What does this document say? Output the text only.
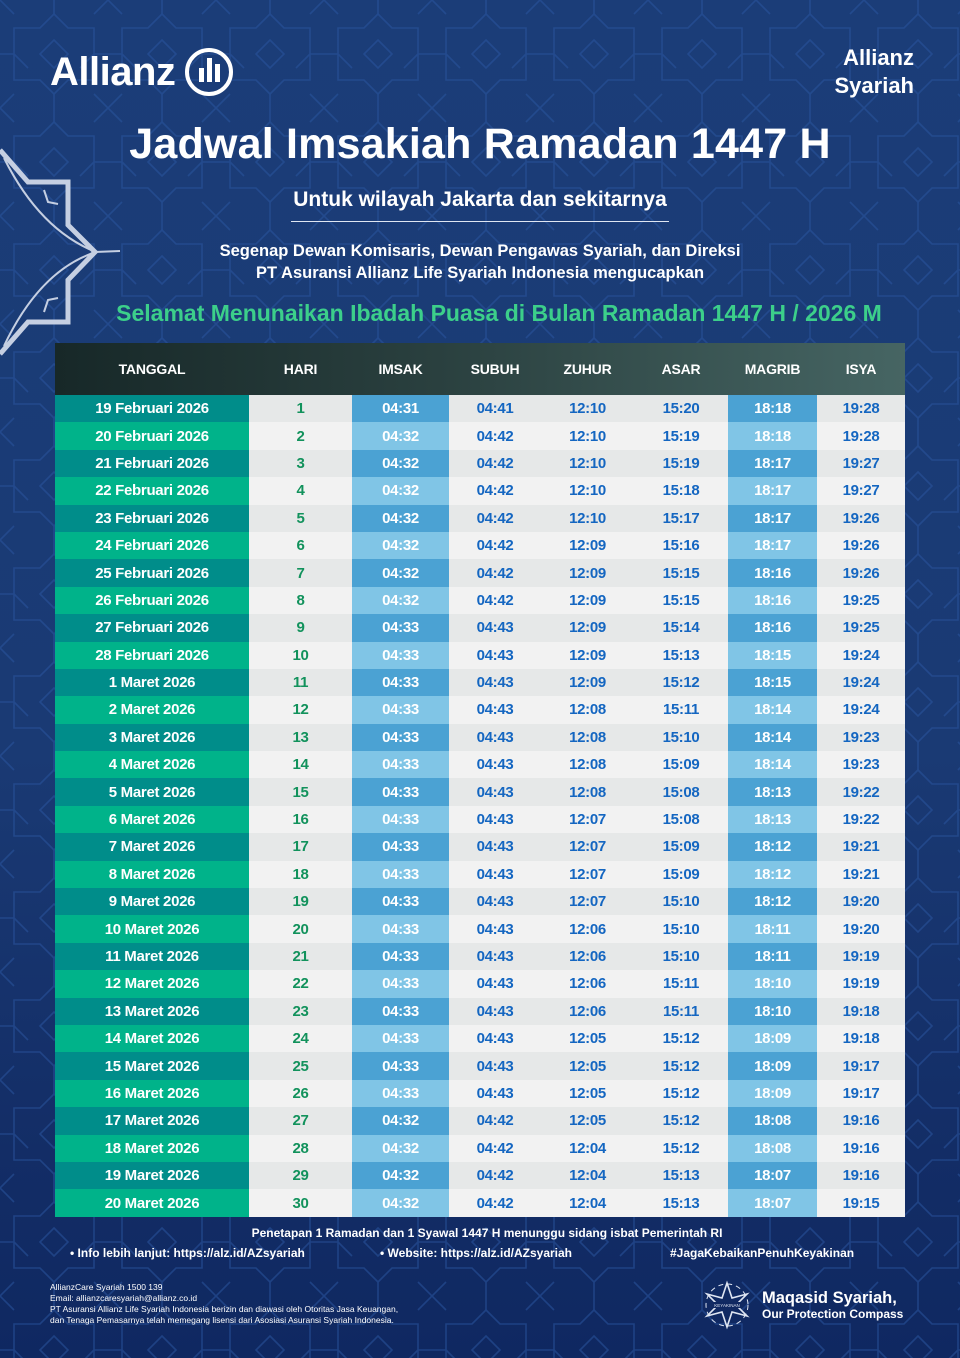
Allianz	Allianz
Syariah
Jadwal Imsakiah Ramadan 1447 H
Untuk wilayah Jakarta dan sekitarnya
Segenap Dewan Komisaris, Dewan Pengawas Syariah, dan Direksi
PT Asuransi Allianz Life Syariah Indonesia mengucapkan
Selamat Menunaikan Ibadah Puasa di Bulan Ramadan 1447 H / 2026 M
TANGGAL	HARI	IMSAK	SUBUH	ZUHUR	ASAR	MAGRIB	ISYA
19 Februari 2026	1	04:31	04:41	12:10	15:20	18:18	19:28
20 Februari 2026	2	04:32	04:42	12:10	15:19	18:18	19:28
21 Februari 2026	3	04:32	04:42	12:10	15:19	18:17	19:27
22 Februari 2026	4	04:32	04:42	12:10	15:18	18:17	19:27
23 Februari 2026	5	04:32	04:42	12:10	15:17	18:17	19:26
24 Februari 2026	6	04:32	04:42	12:09	15:16	18:17	19:26
25 Februari 2026	7	04:32	04:42	12:09	15:15	18:16	19:26
26 Februari 2026	8	04:32	04:42	12:09	15:15	18:16	19:25
27 Februari 2026	9	04:33	04:43	12:09	15:14	18:16	19:25
28 Februari 2026	10	04:33	04:43	12:09	15:13	18:15	19:24
1 Maret 2026	11	04:33	04:43	12:09	15:12	18:15	19:24
2 Maret 2026	12	04:33	04:43	12:08	15:11	18:14	19:24
3 Maret 2026	13	04:33	04:43	12:08	15:10	18:14	19:23
4 Maret 2026	14	04:33	04:43	12:08	15:09	18:14	19:23
5 Maret 2026	15	04:33	04:43	12:08	15:08	18:13	19:22
6 Maret 2026	16	04:33	04:43	12:07	15:08	18:13	19:22
7 Maret 2026	17	04:33	04:43	12:07	15:09	18:12	19:21
8 Maret 2026	18	04:33	04:43	12:07	15:09	18:12	19:21
9 Maret 2026	19	04:33	04:43	12:07	15:10	18:12	19:20
10 Maret 2026	20	04:33	04:43	12:06	15:10	18:11	19:20
11 Maret 2026	21	04:33	04:43	12:06	15:10	18:11	19:19
12 Maret 2026	22	04:33	04:43	12:06	15:11	18:10	19:19
13 Maret 2026	23	04:33	04:43	12:06	15:11	18:10	19:18
14 Maret 2026	24	04:33	04:43	12:05	15:12	18:09	19:18
15 Maret 2026	25	04:33	04:43	12:05	15:12	18:09	19:17
16 Maret 2026	26	04:33	04:43	12:05	15:12	18:09	19:17
17 Maret 2026	27	04:32	04:42	12:05	15:12	18:08	19:16
18 Maret 2026	28	04:32	04:42	12:04	15:12	18:08	19:16
19 Maret 2026	29	04:32	04:42	12:04	15:13	18:07	19:16
20 Maret 2026	30	04:32	04:42	12:04	15:13	18:07	19:15
Penetapan 1 Ramadan dan 1 Syawal 1447 H menunggu sidang isbat Pemerintah RI
• Info lebih lanjut: https://alz.id/AZsyariah	• Website: https://alz.id/AZsyariah	#JagaKebaikanPenuhKeyakinan
AllianzCare Syariah 1500 139
Email: allianzcaresyariah@allianz.co.id
PT Asuransi Allianz Life Syariah Indonesia berizin dan diawasi oleh Otoritas Jasa Keuangan,
dan Tenaga Pemasarnya telah memegang lisensi dari Asosiasi Asuransi Syariah Indonesia.
KEYAKINAN Maqasid Syariah,
Our Protection Compass
